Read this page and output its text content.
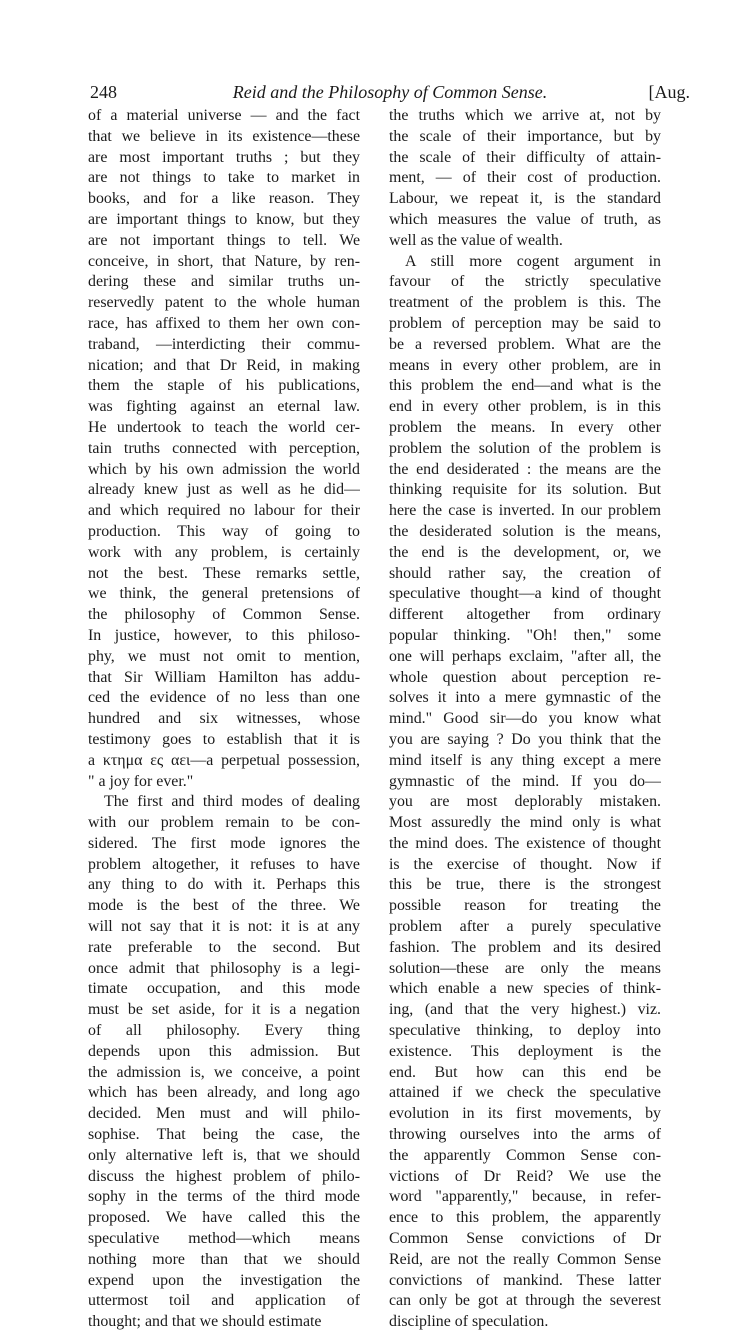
248	Reid and the Philosophy of Common Sense.	[Aug.
of a material universe — and the fact
that we believe in its existence—these
are most important truths ; but they
are not things to take to market in
books, and for a like reason. They
are important things to know, but they
are not important things to tell. We
conceive, in short, that Nature, by ren-
dering these and similar truths un-
reservedly patent to the whole human
race, has affixed to them her own con-
traband, —interdicting their commu-
nication; and that Dr Reid, in making
them the staple of his publications,
was fighting against an eternal law.
He undertook to teach the world cer-
tain truths connected with perception,
which by his own admission the world
already knew just as well as he did—
and which required no labour for their
production. This way of going to
work with any problem, is certainly
not the best. These remarks settle,
we think, the general pretensions of
the philosophy of Common Sense.
In justice, however, to this philoso-
phy, we must not omit to mention,
that Sir William Hamilton has addu-
ced the evidence of no less than one
hundred and six witnesses, whose
testimony goes to establish that it is
a κτημα ες αει—a perpetual possession,
" a joy for ever."
The first and third modes of dealing
with our problem remain to be con-
sidered. The first mode ignores the
problem altogether, it refuses to have
any thing to do with it. Perhaps this
mode is the best of the three. We
will not say that it is not: it is at any
rate preferable to the second. But
once admit that philosophy is a legi-
timate occupation, and this mode
must be set aside, for it is a negation
of all philosophy. Every thing
depends upon this admission. But
the admission is, we conceive, a point
which has been already, and long ago
decided. Men must and will philo-
sophise. That being the case, the
only alternative left is, that we should
discuss the highest problem of philo-
sophy in the terms of the third mode
proposed. We have called this the
speculative method—which means
nothing more than that we should
expend upon the investigation the
uttermost toil and application of
thought; and that we should estimate
the truths which we arrive at, not by
the scale of their importance, but by
the scale of their difficulty of attain-
ment, — of their cost of production.
Labour, we repeat it, is the standard
which measures the value of truth, as
well as the value of wealth.
A still more cogent argument in
favour of the strictly speculative
treatment of the problem is this. The
problem of perception may be said to
be a reversed problem. What are the
means in every other problem, are in
this problem the end—and what is the
end in every other problem, is in this
problem the means. In every other
problem the solution of the problem is
the end desiderated : the means are the
thinking requisite for its solution. But
here the case is inverted. In our problem
the desiderated solution is the means,
the end is the development, or, we
should rather say, the creation of
speculative thought—a kind of thought
different altogether from ordinary
popular thinking. "Oh! then," some
one will perhaps exclaim, "after all, the
whole question about perception re-
solves it into a mere gymnastic of the
mind." Good sir—do you know what
you are saying ? Do you think that the
mind itself is any thing except a mere
gymnastic of the mind. If you do—
you are most deplorably mistaken.
Most assuredly the mind only is what
the mind does. The existence of thought
is the exercise of thought. Now if
this be true, there is the strongest
possible reason for treating the
problem after a purely speculative
fashion. The problem and its desired
solution—these are only the means
which enable a new species of think-
ing, (and that the very highest.) viz.
speculative thinking, to deploy into
existence. This deployment is the
end. But how can this end be
attained if we check the speculative
evolution in its first movements, by
throwing ourselves into the arms of
the apparently Common Sense con-
victions of Dr Reid? We use the
word "apparently," because, in refer-
ence to this problem, the apparently
Common Sense convictions of Dr
Reid, are not the really Common Sense
convictions of mankind. These latter
can only be got at through the severest
discipline of speculation.
